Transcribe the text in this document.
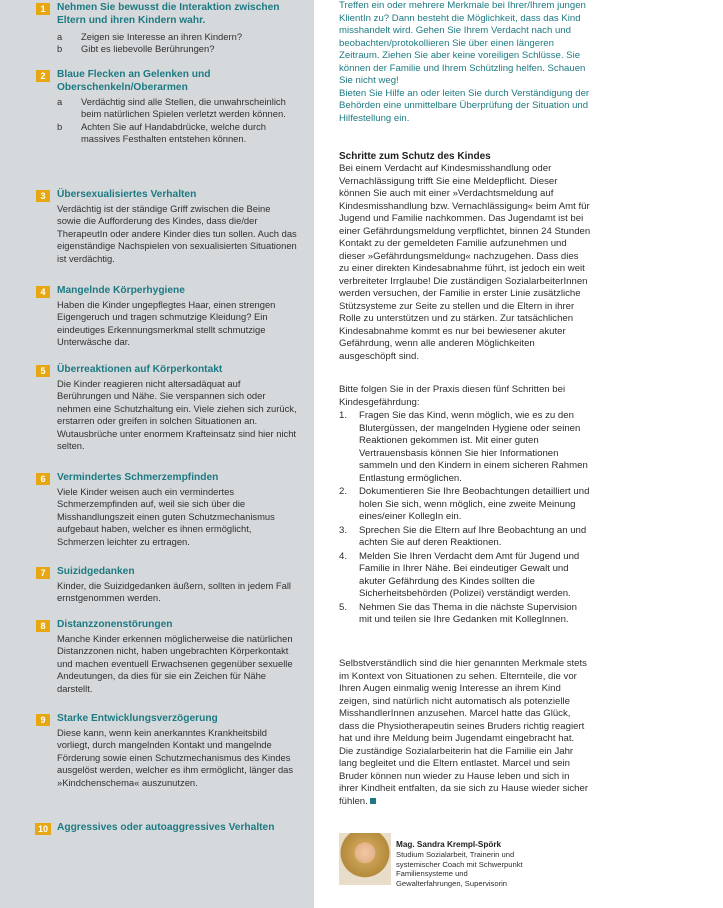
1	Nehmen Sie bewusst die Interaktion zwischen Eltern und ihren Kindern wahr.
a Zeigen sie Interesse an ihren Kindern?
b Gibt es liebevolle Berührungen?
2	Blaue Flecken an Gelenken und Oberschenkeln/Oberarmen
a Verdächtig sind alle Stellen, die unwahrscheinlich beim natürlichen Spielen verletzt werden können.
b Achten Sie auf Handabdrücke, welche durch massives Festhalten entstehen können.
3	Übersexualisiertes Verhalten
Verdächtig ist der ständige Griff zwischen die Beine sowie die Aufforderung des Kindes, dass die/der TherapeutIn oder andere Kinder dies tun sollen. Auch das eigenständige Nachspielen von sexualisierten Situationen ist verdächtig.
4	Mangelnde Körperhygiene
Haben die Kinder ungepflegtes Haar, einen strengen Eigengeruch und tragen schmutzige Kleidung? Ein eindeutiges Erkennungsmerkmal stellt schmutzige Unterwäsche dar.
5	Überreaktionen auf Körperkontakt
Die Kinder reagieren nicht altersadäquat auf Berührungen und Nähe. Sie verspannen sich oder nehmen eine Schutzhaltung ein. Viele ziehen sich zurück, erstarren oder greifen in solchen Situationen an. Wutausbrüche unter enormem Krafteinsatz sind hier nicht selten.
6	Vermindertes Schmerzempfinden
Viele Kinder weisen auch ein vermindertes Schmerzempfinden auf, weil sie sich über die Misshandlungszeit einen guten Schutzmechanismus aufgebaut haben, welcher es ihnen ermöglicht, Schmerzen leichter zu ertragen.
7	Suizidgedanken
Kinder, die Suizidgedanken äußern, sollten in jedem Fall ernstgenommen werden.
8	Distanzzonenstörungen
Manche Kinder erkennen möglicherweise die natürlichen Distanzzonen nicht, haben ungebrachten Körperkontakt und machen eventuell Erwachsenen gegenüber sexuelle Andeutungen, da dies für sie ein Zeichen für Nähe darstellt.
9	Starke Entwicklungsverzögerung
Diese kann, wenn kein anerkanntes Krankheitsbild vorliegt, durch mangelnden Kontakt und mangelnde Förderung sowie einen Schutzmechanismus des Kindes ausgelöst werden, welcher es ihm ermöglicht, länger das »Kindchenschema« auszunutzen.
10 Aggressives oder autoaggressives Verhalten
Treffen ein oder mehrere Merkmale bei Ihrer/Ihrem jungen KlientIn zu? Dann besteht die Möglichkeit, dass das Kind misshandelt wird. Gehen Sie Ihrem Verdacht nach und beobachten/protokollieren Sie über einen längeren Zeitraum. Ziehen Sie aber keine voreiligen Schlüsse. Sie können der Familie und Ihrem Schützling helfen. Schauen Sie nicht weg!
Bieten Sie Hilfe an oder leiten Sie durch Verständigung der Behörden eine unmittelbare Überprüfung der Situation und Hilfestellung ein.
Schritte zum Schutz des Kindes
Bei einem Verdacht auf Kindesmisshandlung oder Vernachlässigung trifft Sie eine Meldepflicht. Dieser können Sie auch mit einer »Verdachtsmeldung auf Kindesmisshandlung bzw. Vernachlässigung« beim Amt für Jugend und Familie nachkommen. Das Jugendamt ist bei einer Gefährdungsmeldung verpflichtet, binnen 24 Stunden Kontakt zu der gemeldeten Familie aufzunehmen und dieser »Gefährdungsmeldung« nachzugehen. Dass dies zu einer direkten Kindesabnahme führt, ist jedoch ein weit verbreiteter Irrglaube! Die zuständigen SozialarbeiterInnen werden versuchen, der Familie in erster Linie zusätzliche Stützsysteme zur Seite zu stellen und die Eltern in ihrer Rolle zu unterstützen und zu stärken. Zur tatsächlichen Kindesabnahme kommt es nur bei bewiesener akuter Gefährdung, wenn alle anderen Möglichkeiten ausgeschöpft sind.
Bitte folgen Sie in der Praxis diesen fünf Schritten bei Kindesgefährdung:
1. Fragen Sie das Kind, wenn möglich, wie es zu den Blutergüssen, der mangelnden Hygiene oder seinen Reaktionen gekommen ist. Mit einer guten Vertrauensbasis können Sie hier Informationen sammeln und den Kindern in einem sicheren Rahmen Entlastung ermöglichen.
2. Dokumentieren Sie Ihre Beobachtungen detailliert und holen Sie sich, wenn möglich, eine zweite Meinung eines/einer KollegIn ein.
3. Sprechen Sie die Eltern auf Ihre Beobachtung an und achten Sie auf deren Reaktionen.
4. Melden Sie Ihren Verdacht dem Amt für Jugend und Familie in Ihrer Nähe. Bei eindeutiger Gewalt und akuter Gefährdung des Kindes sollten die Sicherheitsbehörden (Polizei) verständigt werden.
5. Nehmen Sie das Thema in die nächste Supervision mit und teilen sie Ihre Gedanken mit KollegInnen.
Selbstverständlich sind die hier genannten Merkmale stets im Kontext von Situationen zu sehen. Elternteile, die vor Ihren Augen einmalig wenig Interesse an ihrem Kind zeigen, sind natürlich nicht automatisch als potenzielle MisshandlerInnen anzusehen. Marcel hatte das Glück, dass die Physiotherapeutin seines Bruders richtig reagiert hat und ihre Meldung beim Jugendamt eingebracht hat. Die zuständige Sozialarbeiterin hat die Familie ein Jahr lang begleitet und die Eltern entlastet. Marcel und sein Bruder können nun wieder zu Hause leben und sich in ihrer Kindheit entfalten, da sie sich zu Hause wieder sicher fühlen.
Mag. Sandra Krempl-Spörk
Studium Sozialarbeit, Trainerin und systemischer Coach mit Schwerpunkt Familiensysteme und Gewalterfahrungen, Supervisorin
